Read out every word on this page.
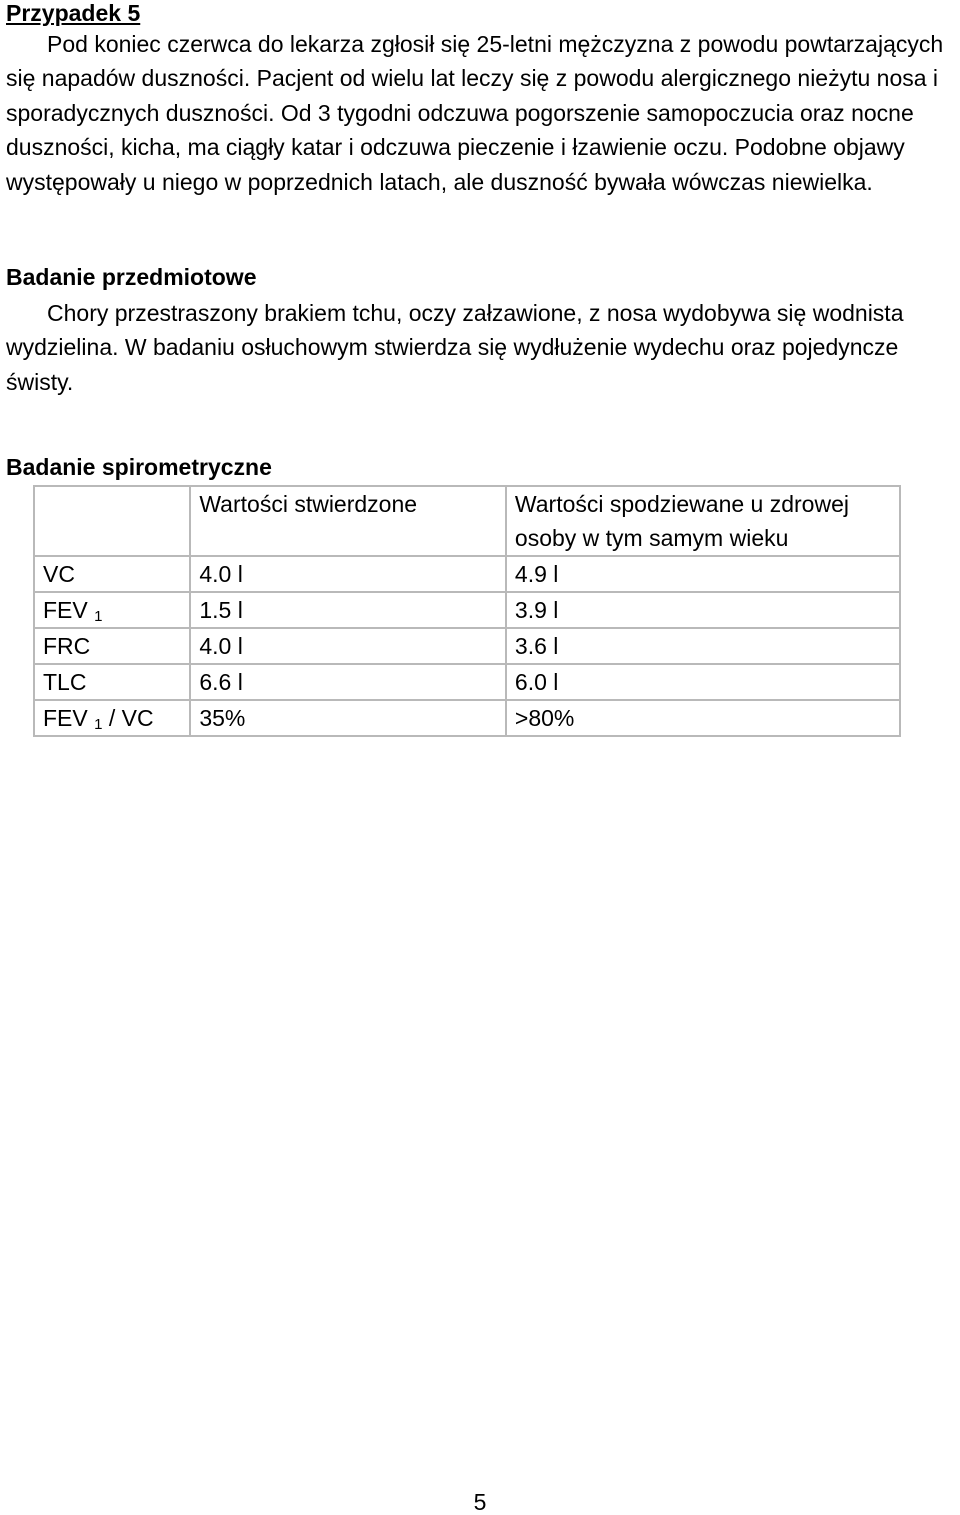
Przypadek 5

Pod koniec czerwca do lekarza zgłosił się 25-letni mężczyzna z powodu powtarzających się napadów duszności. Pacjent od wielu lat leczy się z powodu alergicznego nieżytu nosa i sporadycznych duszności. Od 3 tygodni odczuwa pogorszenie samopoczucia oraz nocne duszności, kicha, ma ciągły katar i odczuwa pieczenie i łzawienie oczu. Podobne objawy występowały u niego w poprzednich latach, ale duszność bywała wówczas niewielka.

Badanie przedmiotowe

Chory przestraszony brakiem tchu, oczy załzawione, z nosa wydobywa się wodnista wydzielina. W badaniu osłuchowym stwierdza się wydłużenie wydechu oraz pojedyncze świsty.

Badanie spirometryczne

	Wartości stwierdzone	Wartości spodziewane u zdrowej osoby w tym samym wieku
VC	4.0 l	4.9 l
FEV $_1$	1.5 l	3.9 l
FRC	4.0 l	3.6 l
TLC	6.6 l	6.0 l
FEV $_1$ / VC	35%	>80%

5
